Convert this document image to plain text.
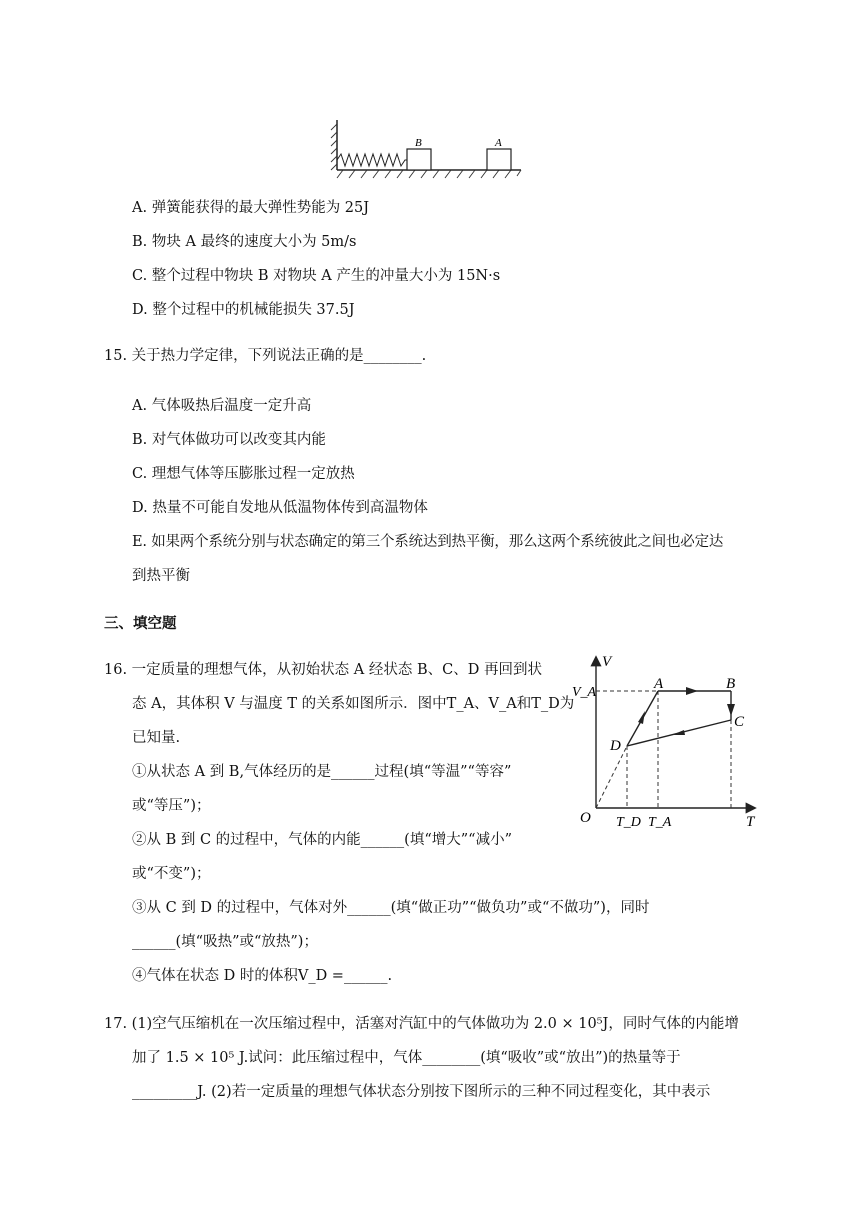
B	A
A. 弹簧能获得的最大弹性势能为 25J
B. 物块 A 最终的速度大小为 5m/s
C. 整个过程中物块 B 对物块 A 产生的冲量大小为 15N·s
D. 整个过程中的机械能损失 37.5J
15. 关于热力学定律，下列说法正确的是________.
A. 气体吸热后温度一定升高
B. 对气体做功可以改变其内能
C. 理想气体等压膨胀过程一定放热
D. 热量不可能自发地从低温物体传到高温物体
E. 如果两个系统分别与状态确定的第三个系统达到热平衡，那么这两个系统彼此之间也必定达
到热平衡
三、填空题
16. 一定质量的理想气体，从初始状态 A 经状态 B、C、D 再回到状
态 A，其体积 V 与温度 T 的关系如图所示．图中T_A、V_A和T_D为
已知量.
①从状态 A 到 B,气体经历的是______过程(填“等温”“等容”
或“等压”)；
②从 B 到 C 的过程中，气体的内能______(填“增大”“减小”
或“不变”)；
③从 C 到 D 的过程中，气体对外______(填“做正功”“做负功”或“不做功”)，同时
______(填“吸热”或“放热”)；
④气体在状态 D 时的体积V_D =______.
V
T
O
V_A
T_D T_A
A	B
C
D
17. (1)空气压缩机在一次压缩过程中，活塞对汽缸中的气体做功为 2.0 × 10⁵J，同时气体的内能增
加了 1.5 × 10⁵ J.试问：此压缩过程中，气体________(填“吸收”或“放出”)的热量等于
_________J. (2)若一定质量的理想气体状态分别按下图所示的三种不同过程变化，其中表示
